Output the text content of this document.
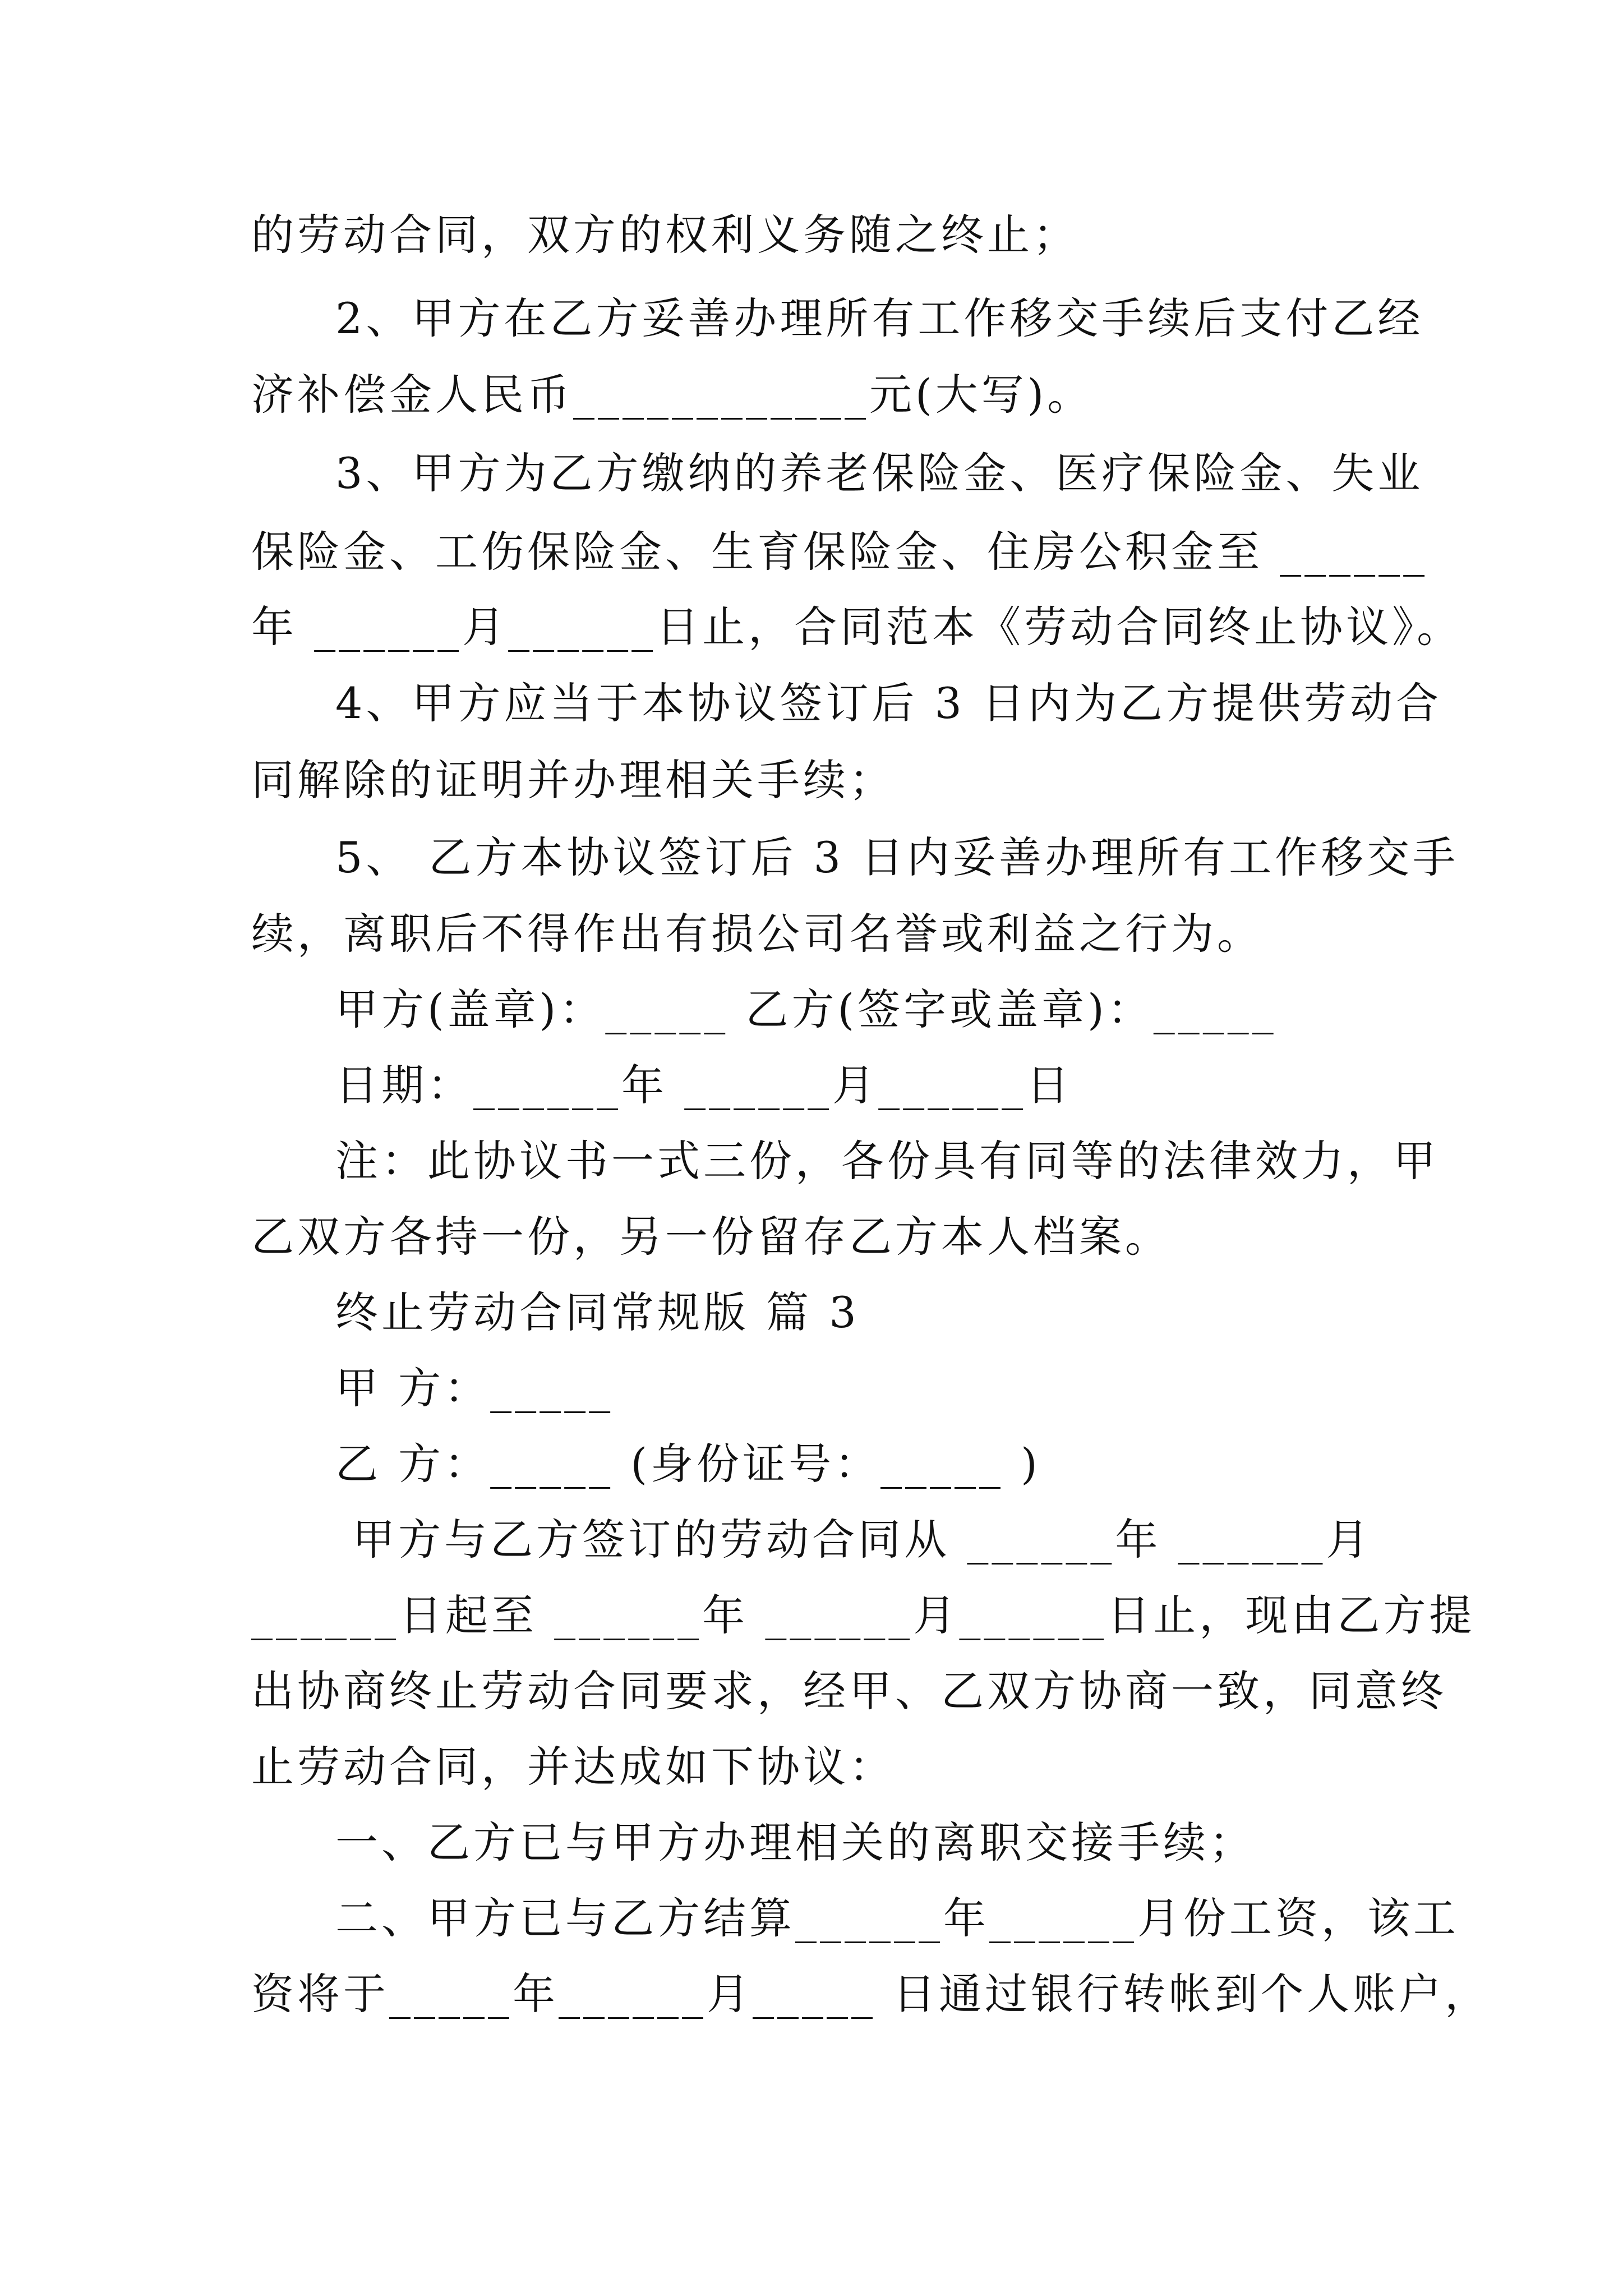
的劳动合同，双方的权利义务随之终止；
2、甲方在乙方妥善办理所有工作移交手续后支付乙经
济补偿金人民币____________元(大写)。
3、甲方为乙方缴纳的养老保险金、医疗保险金、失业
保险金、工伤保险金、生育保险金、住房公积金至 ______
年 ______月______日止，合同范本《劳动合同终止协议》。
4、甲方应当于本协议签订后 3 日内为乙方提供劳动合
同解除的证明并办理相关手续；
5、 乙方本协议签订后 3 日内妥善办理所有工作移交手
续，离职后不得作出有损公司名誉或利益之行为。
甲方(盖章)：_____ 乙方(签字或盖章)：_____
日期：______年 ______月______日
注：此协议书一式三份，各份具有同等的法律效力，甲
乙双方各持一份，另一份留存乙方本人档案。
终止劳动合同常规版 篇 3
甲 方：_____
乙 方：_____ (身份证号：_____ )
甲方与乙方签订的劳动合同从 ______年 ______月
______日起至 ______年 ______月______日止，现由乙方提
出协商终止劳动合同要求，经甲、乙双方协商一致，同意终
止劳动合同，并达成如下协议：
一、乙方已与甲方办理相关的离职交接手续；
二、甲方已与乙方结算______年______月份工资，该工
资将于_____年______月_____ 日通过银行转帐到个人账户，
